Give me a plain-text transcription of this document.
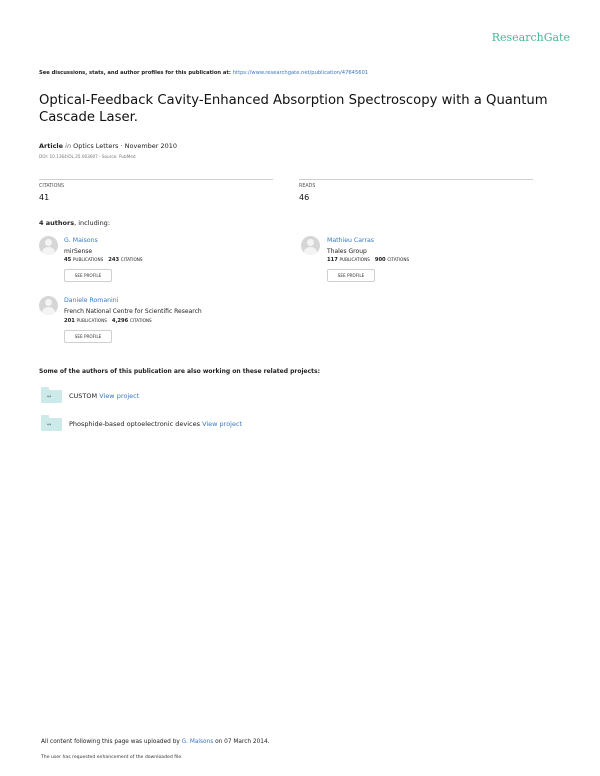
ResearchGate
See discussions, stats, and author profiles for this publication at: https://www.researchgate.net/publication/47645601
Optical-Feedback Cavity-Enhanced Absorption Spectroscopy with a Quantum Cascade Laser.
Article in Optics Letters · November 2010
DOI: 10.1364/OL.35.003607 · Source: PubMed
CITATIONS
41
READS
46
4 authors, including:
G. Maisons
mirSense
45 PUBLICATIONS 243 CITATIONS
SEE PROFILE
Mathieu Carras
Thales Group
117 PUBLICATIONS 900 CITATIONS
SEE PROFILE
Daniele Romanini
French National Centre for Scientific Research
201 PUBLICATIONS 4,296 CITATIONS
SEE PROFILE
Some of the authors of this publication are also working on these related projects:
↔	CUSTOM View project
↔	Phosphide-based optoelectronic devices View project
All content following this page was uploaded by G. Maisons on 07 March 2014.
The user has requested enhancement of the downloaded file.
